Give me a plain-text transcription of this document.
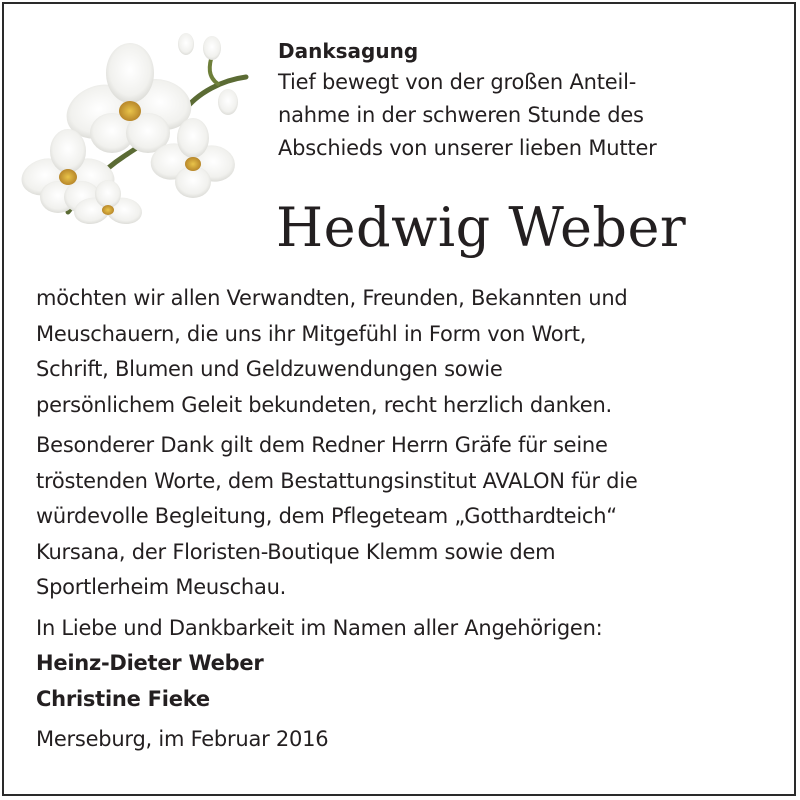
Danksagung
Tief bewegt von der großen Anteil-
nahme in der schweren Stunde des
Abschieds von unserer lieben Mutter
Hedwig Weber
möchten wir allen Verwandten, Freunden, Bekannten und
Meuschauern, die uns ihr Mitgefühl in Form von Wort,
Schrift, Blumen und Geldzuwendungen sowie
persönlichem Geleit bekundeten, recht herzlich danken.
Besonderer Dank gilt dem Redner Herrn Gräfe für seine
tröstenden Worte, dem Bestattungsinstitut AVALON für die
würdevolle Begleitung, dem Pflegeteam „Gotthardteich“
Kursana, der Floristen-Boutique Klemm sowie dem
Sportlerheim Meuschau.
In Liebe und Dankbarkeit im Namen aller Angehörigen:
Heinz-Dieter Weber
Christine Fieke
Merseburg, im Februar 2016
